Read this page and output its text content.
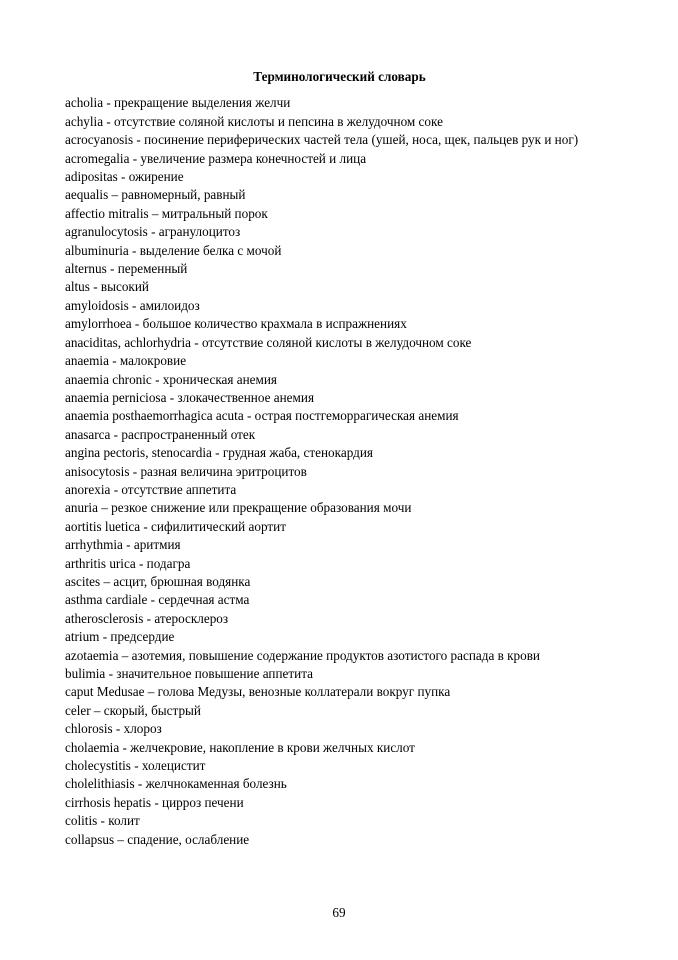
Терминологический словарь
acholia - прекращение выделения желчи
achylia - отсутствие соляной кислоты и пепсина в желудочном соке
acrocyanosis - посинение периферических частей тела (ушей, носа, щек, пальцев рук и ног)
acromegalia - увеличение размера конечностей и лица
adipositas - ожирение
aequalis – равномерный, равный
affectio mitralis – митральный порок
agranulocytosis - агранулоцитоз
albuminuria - выделение белка с мочой
alternus - переменный
altus - высокий
amyloidosis - амилоидоз
amylorrhoea - большое количество крахмала в испражнениях
anaciditas, achlorhydria - отсутствие соляной кислоты в желудочном соке
anaemia - малокровие
anaemia chronic - хроническая анемия
anaemia perniciosa - злокачественное анемия
anaemia posthaemorrhagica acuta - острая постгеморрагическая анемия
anasarca - распространенный отек
angina pectoris, stenocardia - грудная жаба, стенокардия
anisocytosis - разная величина эритроцитов
anorexia - отсутствие аппетита
anuria – резкое снижение или прекращение образования мочи
aortitis luetica - сифилитический аортит
arrhythmia - аритмия
arthritis urica - подагра
ascites – асцит, брюшная водянка
asthma cardiale - сердечная астма
atherosclerosis - атеросклероз
atrium - предсердие
azotaemia – азотемия, повышение содержание продуктов азотистого распада в крови
bulimia - значительное повышение аппетита
caput Medusae – голова Медузы, венозные коллатерали вокруг пупка
celer – скорый, быстрый
chlorosis - хлороз
cholaemia - желчекровие, накопление в крови желчных кислот
cholecystitis - холецистит
cholelithiasis - желчнокаменная болезнь
cirrhosis hepatis - цирроз печени
colitis - колит
collapsus – спадение, ослабление
69
